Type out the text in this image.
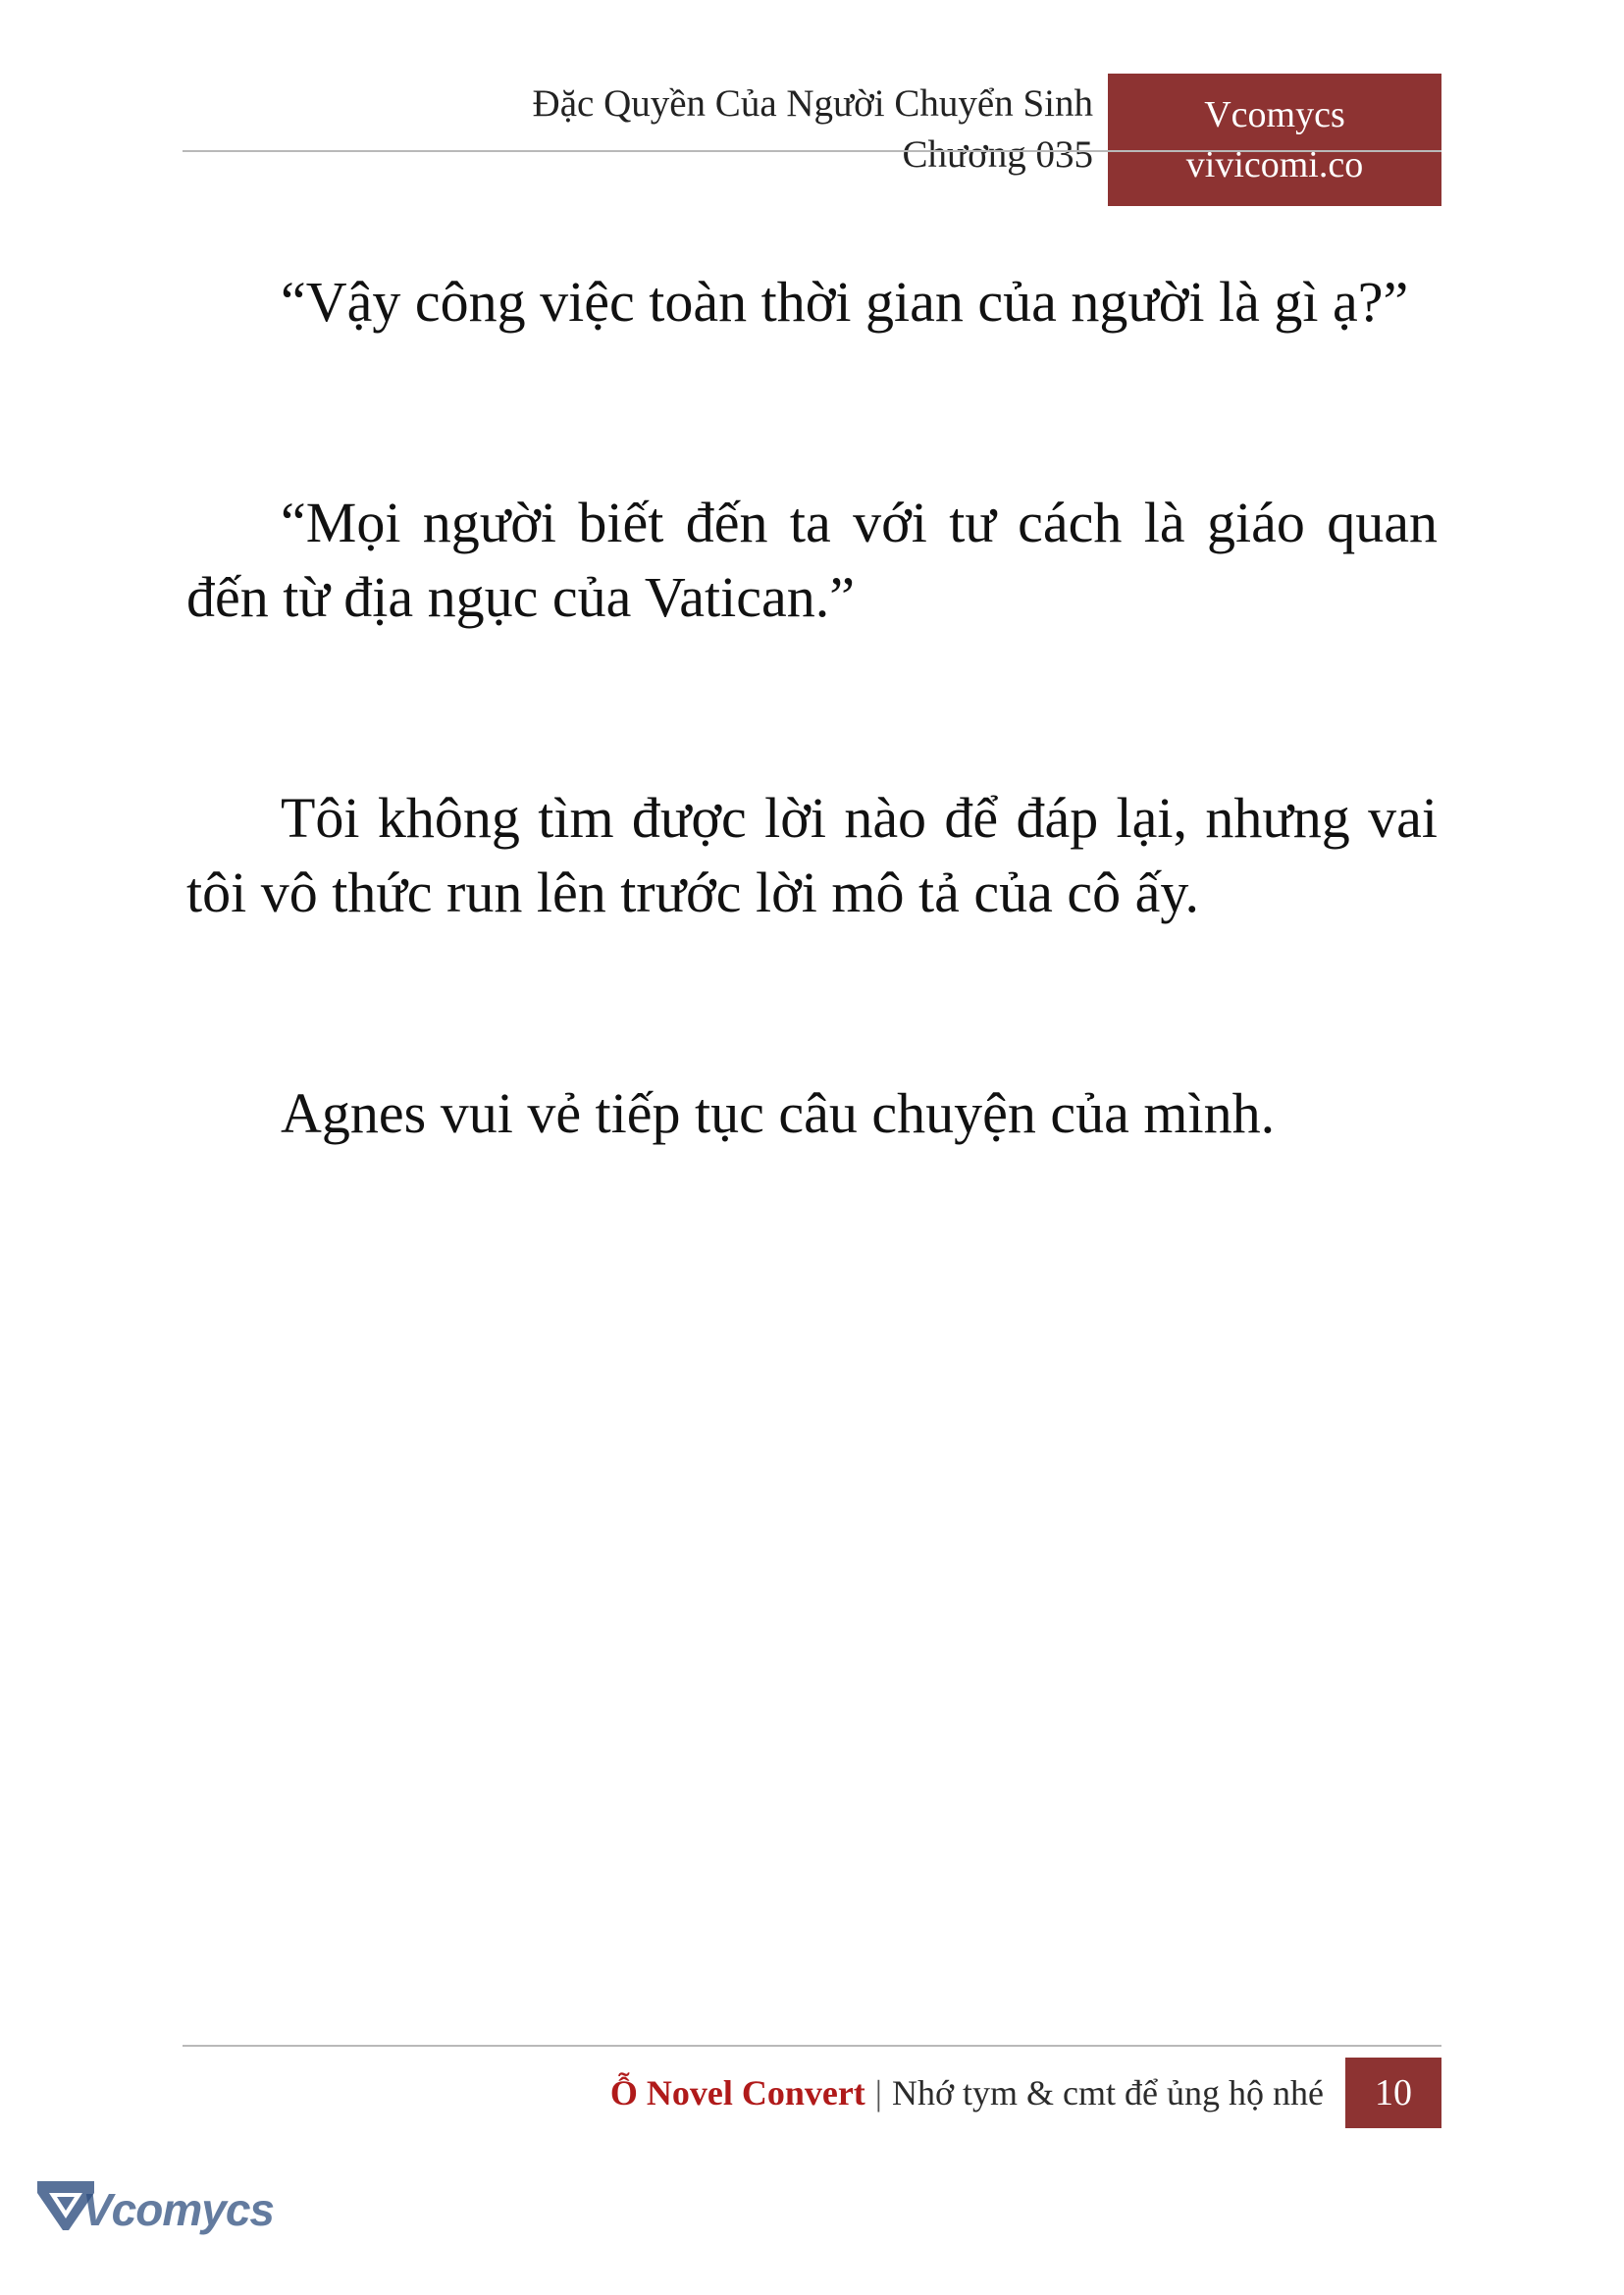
Đặc Quyền Của Người Chuyển Sinh
Chương 035
Vcomycs
vivicomi.co

“Vậy công việc toàn thời gian của người là gì ạ?”

“Mọi người biết đến ta với tư cách là giáo quan đến từ địa ngục của Vatican.”

Tôi không tìm được lời nào để đáp lại, nhưng vai tôi vô thức run lên trước lời mô tả của cô ấy.

Agnes vui vẻ tiếp tục câu chuyện của mình.

Ỗ Novel Convert | Nhớ tym & cmt để ủng hộ nhé	10
Vcomycs
